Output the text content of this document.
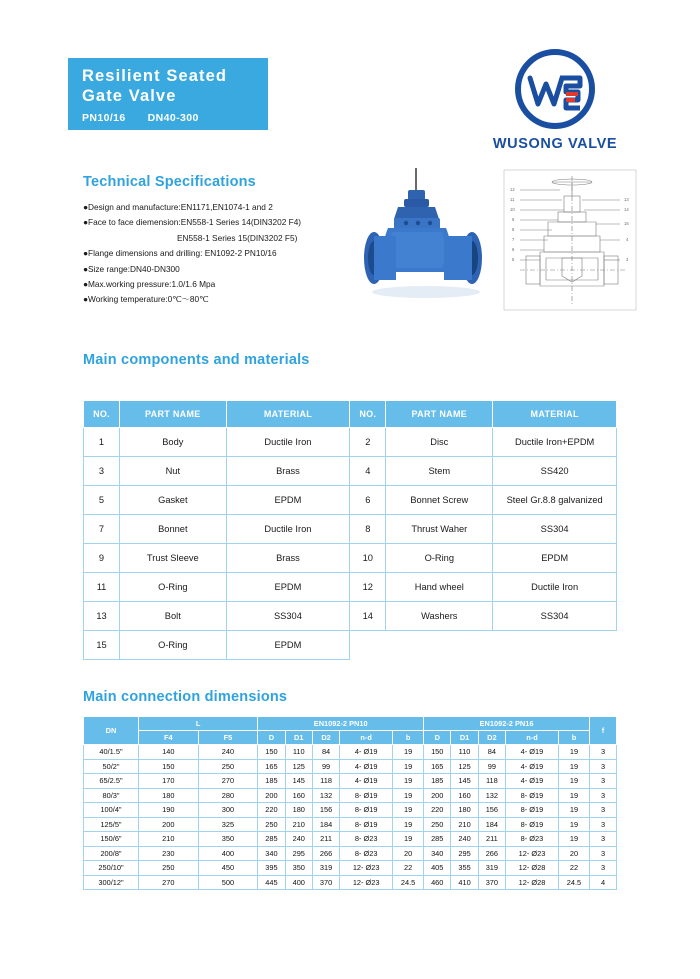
Resilient Seated
Gate Valve
PN10/16 DN40-300
WUSONG VALVE
Technical Specifications
●Design and manufacture:EN1171,EN1074-1 and 2
●Face to face diemension:EN558-1 Series 14(DIN3202 F4)
EN558-1 Series 15(DIN3202 F5)
●Flange dimensions and drilling: EN1092-2 PN10/16
●Size range:DN40-DN300
●Max.working pressure:1.0/1.6 Mpa
●Working temperature:0℃～80℃
12
11
10
9
8
7
6
5
13
14
15
4
3
Main components and materials
NO.	PART NAME	MATERIAL	NO.	PART NAME	MATERIAL
1	Body	Ductile Iron	2	Disc	Ductile Iron+EPDM
3	Nut	Brass	4	Stem	SS420
5	Gasket	EPDM	6	Bonnet Screw	Steel Gr.8.8 galvanized
7	Bonnet	Ductile Iron	8	Thrust Waher	SS304
9	Trust Sleeve	Brass	10	O-Ring	EPDM
11	O-Ring	EPDM	12	Hand wheel	Ductile Iron
13	Bolt	SS304	14	Washers	SS304
15	O-Ring	EPDM			
Main connection dimensions
DN	L		EN1092-2 PN10					EN1092-2 PN16					f
	F4	F5	D	D1	D2	n-d	b	D	D1	D2	n-d	b	
40/1.5"	140	240	150	110	84	4- Ø19	19	150	110	84	4- Ø19	19	3
50/2"	150	250	165	125	99	4- Ø19	19	165	125	99	4- Ø19	19	3
65/2.5"	170	270	185	145	118	4- Ø19	19	185	145	118	4- Ø19	19	3
80/3"	180	280	200	160	132	8- Ø19	19	200	160	132	8- Ø19	19	3
100/4"	190	300	220	180	156	8- Ø19	19	220	180	156	8- Ø19	19	3
125/5"	200	325	250	210	184	8- Ø19	19	250	210	184	8- Ø19	19	3
150/6"	210	350	285	240	211	8- Ø23	19	285	240	211	8- Ø23	19	3
200/8"	230	400	340	295	266	8- Ø23	20	340	295	266	12- Ø23	20	3
250/10"	250	450	395	350	319	12- Ø23	22	405	355	319	12- Ø28	22	3
300/12"	270	500	445	400	370	12- Ø23	24.5	460	410	370	12- Ø28	24.5	4
